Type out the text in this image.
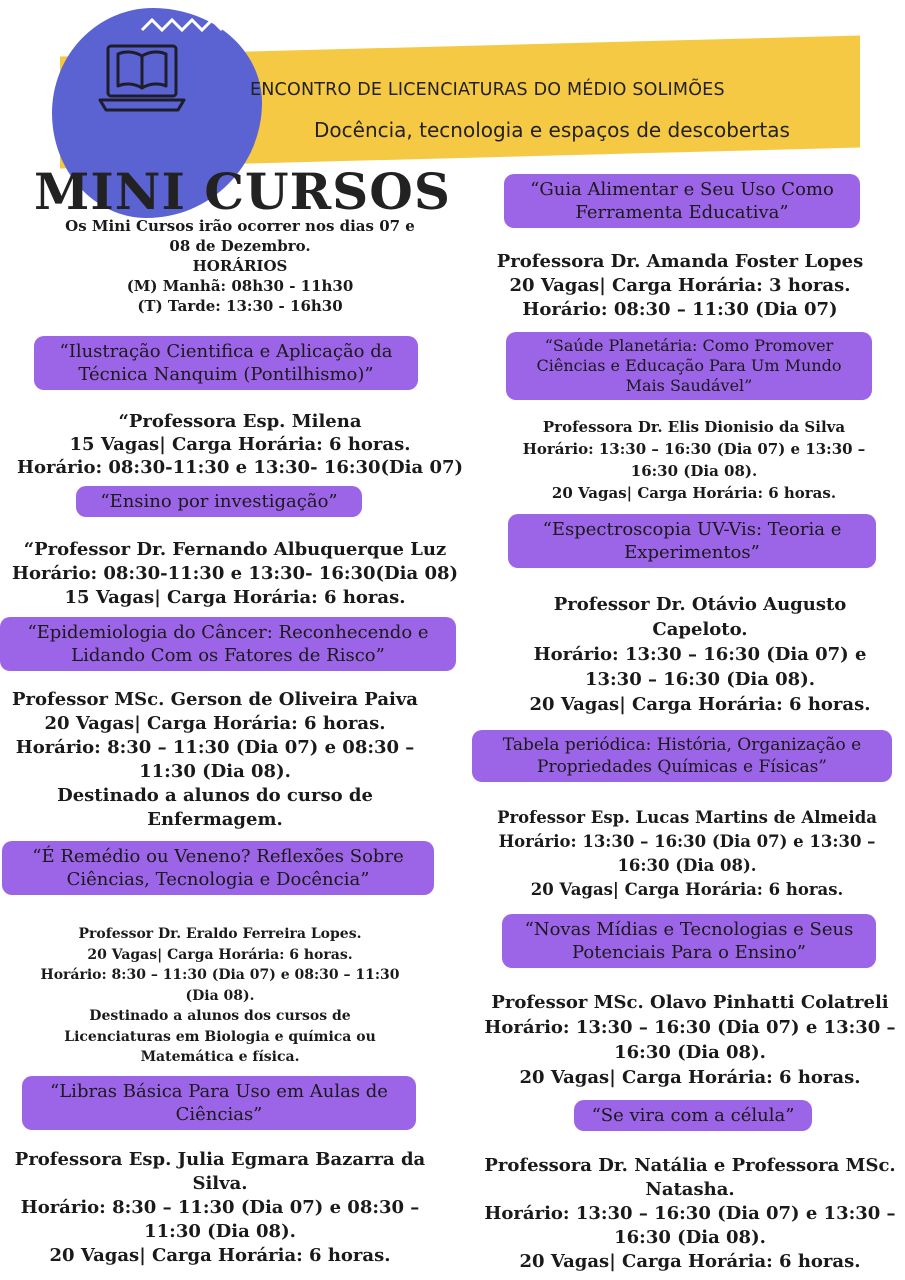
ENCONTRO DE LICENCIATURAS DO MÉDIO SOLIMÕES
Docência, tecnologia e espaços de descobertas
MINI CURSOS
Os Mini Cursos irão ocorrer nos dias 07 e
08 de Dezembro.
HORÁRIOS
(M) Manhã: 08h30 - 11h30
(T) Tarde: 13:30 - 16h30
“Ilustração Cientifica e Aplicação da
Técnica Nanquim (Pontilhismo)”
“Professora Esp. Milena
15 Vagas| Carga Horária: 6 horas.
Horário: 08:30-11:30 e 13:30- 16:30(Dia 07)
“Ensino por investigação”
“Professor Dr. Fernando Albuquerque Luz
Horário: 08:30-11:30 e 13:30- 16:30(Dia 08)
15 Vagas| Carga Horária: 6 horas.
“Epidemiologia do Câncer: Reconhecendo e
Lidando Com os Fatores de Risco”
Professor MSc. Gerson de Oliveira Paiva
20 Vagas| Carga Horária: 6 horas.
Horário: 8:30 – 11:30 (Dia 07) e 08:30 –
11:30 (Dia 08).
Destinado a alunos do curso de
Enfermagem.
“É Remédio ou Veneno? Reflexões Sobre
Ciências, Tecnologia e Docência”
Professor Dr. Eraldo Ferreira Lopes.
20 Vagas| Carga Horária: 6 horas.
Horário: 8:30 – 11:30 (Dia 07) e 08:30 – 11:30
(Dia 08).
Destinado a alunos dos cursos de
Licenciaturas em Biologia e química ou
Matemática e física.
“Libras Básica Para Uso em Aulas de
Ciências”
Professora Esp. Julia Egmara Bazarra da
Silva.
Horário: 8:30 – 11:30 (Dia 07) e 08:30 –
11:30 (Dia 08).
20 Vagas| Carga Horária: 6 horas.
“Guia Alimentar e Seu Uso Como
Ferramenta Educativa”
Professora Dr. Amanda Foster Lopes
20 Vagas| Carga Horária: 3 horas.
Horário: 08:30 – 11:30 (Dia 07)
“Saúde Planetária: Como Promover
Ciências e Educação Para Um Mundo
Mais Saudável”
Professora Dr. Elis Dionisio da Silva
Horário: 13:30 – 16:30 (Dia 07) e 13:30 –
16:30 (Dia 08).
20 Vagas| Carga Horária: 6 horas.
“Espectroscopia UV-Vis: Teoria e
Experimentos”
Professor Dr. Otávio Augusto
Capeloto.
Horário: 13:30 – 16:30 (Dia 07) e
13:30 – 16:30 (Dia 08).
20 Vagas| Carga Horária: 6 horas.
Tabela periódica: História, Organização e
Propriedades Químicas e Físicas”
Professor Esp. Lucas Martins de Almeida
Horário: 13:30 – 16:30 (Dia 07) e 13:30 –
16:30 (Dia 08).
20 Vagas| Carga Horária: 6 horas.
“Novas Mídias e Tecnologias e Seus
Potenciais Para o Ensino”
Professor MSc. Olavo Pinhatti Colatreli
Horário: 13:30 – 16:30 (Dia 07) e 13:30 –
16:30 (Dia 08).
20 Vagas| Carga Horária: 6 horas.
“Se vira com a célula”
Professora Dr. Natália e Professora MSc.
Natasha.
Horário: 13:30 – 16:30 (Dia 07) e 13:30 –
16:30 (Dia 08).
20 Vagas| Carga Horária: 6 horas.
